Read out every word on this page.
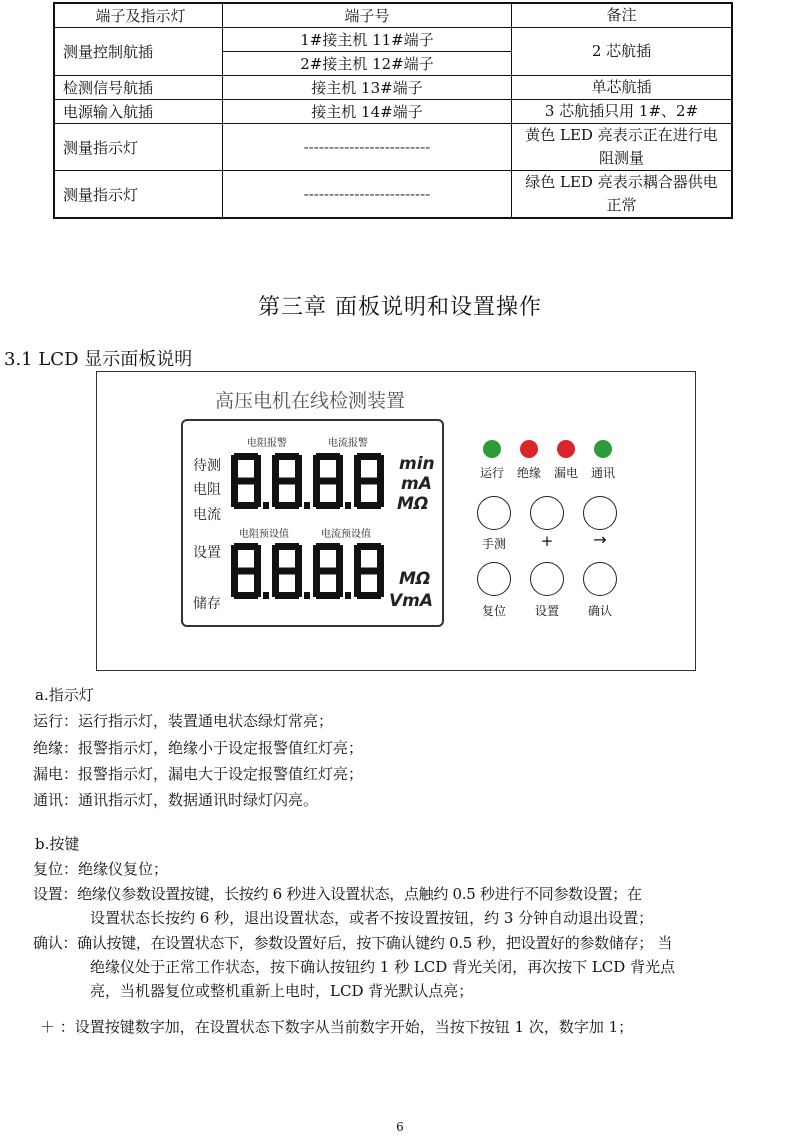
端子及指示灯	端子号	备注
测量控制航插	1#接主机 11#端子	2 芯航插
	2#接主机 12#端子	
检测信号航插	接主机 13#端子	单芯航插
电源输入航插	接主机 14#端子	3 芯航插只用 1#、2#
测量指示灯	-------------------------	黄色 LED 亮表示正在进行电阻测量
测量指示灯	-------------------------	绿色 LED 亮表示耦合器供电正常
第三章 面板说明和设置操作
3.1 LCD 显示面板说明
高压电机在线检测装置
待测
电阻
电流
设置
储存
电阻报警	电流报警
电阻预设值	电流预设值
min
mA
MΩ
MΩ
VmA
运行	绝缘	漏电	通讯
手测	+	→
复位	设置	确认
a.指示灯
运行：运行指示灯，装置通电状态绿灯常亮；
绝缘：报警指示灯，绝缘小于设定报警值红灯亮；
漏电：报警指示灯，漏电大于设定报警值红灯亮；
通讯：通讯指示灯，数据通讯时绿灯闪亮。
b.按键
复位：绝缘仪复位；
设置：绝缘仪参数设置按键，长按约 6 秒进入设置状态，点触约 0.5 秒进行不同参数设置；在
设置状态长按约 6 秒，退出设置状态，或者不按设置按钮，约 3 分钟自动退出设置；
确认：确认按键，在设置状态下，参数设置好后，按下确认键约 0.5 秒，把设置好的参数储存； 当
绝缘仪处于正常工作状态，按下确认按钮约 1 秒 LCD 背光关闭，再次按下 LCD 背光点
亮，当机器复位或整机重新上电时，LCD 背光默认点亮；
＋ ：设置按键数字加，在设置状态下数字从当前数字开始，当按下按钮 1 次，数字加 1；
6
